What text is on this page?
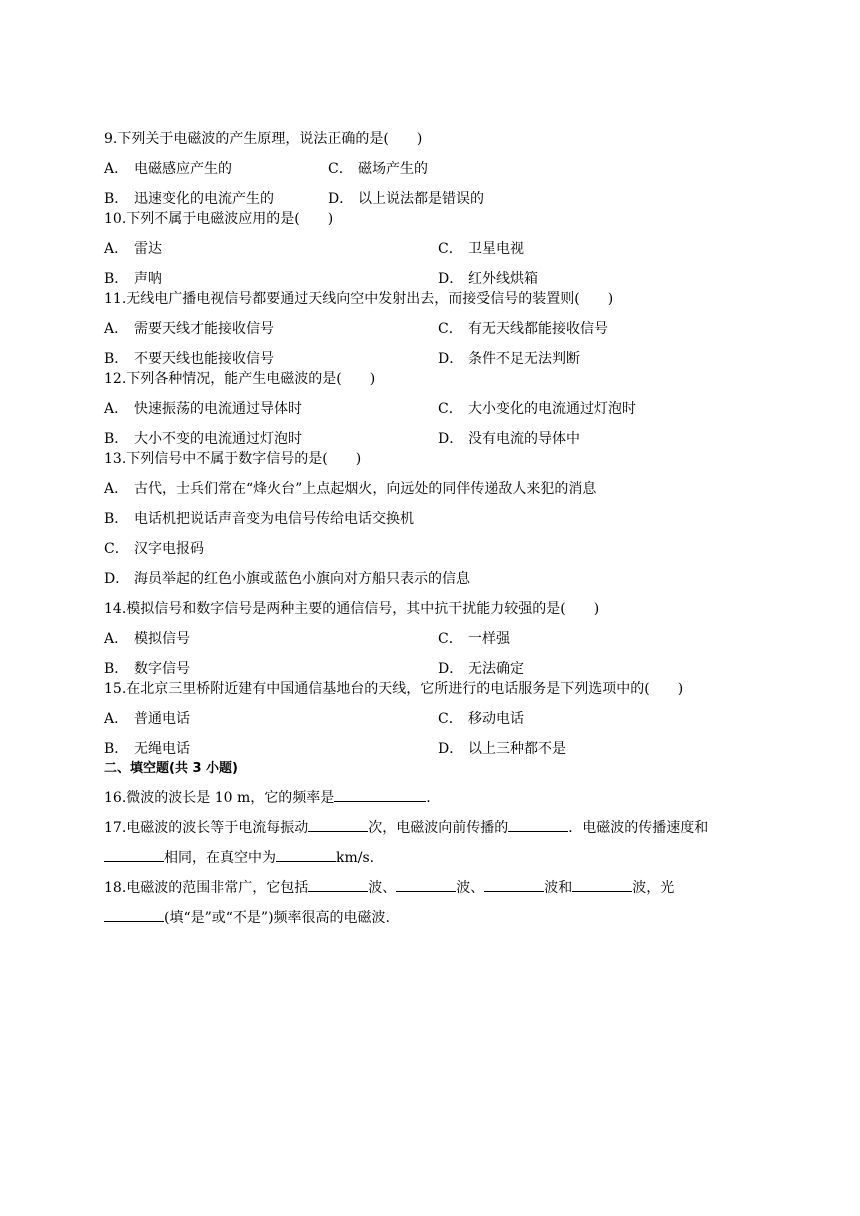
9.下列关于电磁波的产生原理，说法正确的是(　　)
A． 电磁感应产生的	C． 磁场产生的
B． 迅速变化的电流产生的	D． 以上说法都是错误的
10.下列不属于电磁波应用的是(　　)
A． 雷达	C． 卫星电视
B． 声呐	D． 红外线烘箱
11.无线电广播电视信号都要通过天线向空中发射出去，而接受信号的装置则(　　)
A． 需要天线才能接收信号	C． 有无天线都能接收信号
B． 不要天线也能接收信号	D． 条件不足无法判断
12.下列各种情况，能产生电磁波的是(　　)
A． 快速振荡的电流通过导体时	C． 大小变化的电流通过灯泡时
B． 大小不变的电流通过灯泡时	D． 没有电流的导体中
13.下列信号中不属于数字信号的是(　　)
A． 古代，士兵们常在“烽火台”上点起烟火，向远处的同伴传递敌人来犯的消息
B． 电话机把说话声音变为电信号传给电话交换机
C． 汉字电报码
D． 海员举起的红色小旗或蓝色小旗向对方船只表示的信息
14.模拟信号和数字信号是两种主要的通信信号，其中抗干扰能力较强的是(　　)
A． 模拟信号	C． 一样强
B． 数字信号	D． 无法确定
15.在北京三里桥附近建有中国通信基地台的天线，它所进行的电话服务是下列选项中的(　　)
A． 普通电话	C． 移动电话
B． 无绳电话	D． 以上三种都不是
二、填空题(共 3 小题)
16.微波的波长是 10 m，它的频率是	.
17.电磁波的波长等于电流每振动	次，电磁波向前传播的	．电磁波的传播速度和
相同，在真空中为	km/s.
18.电磁波的范围非常广，它包括	波、	波、	波和	波，光
(填“是”或“不是”)频率很高的电磁波.
